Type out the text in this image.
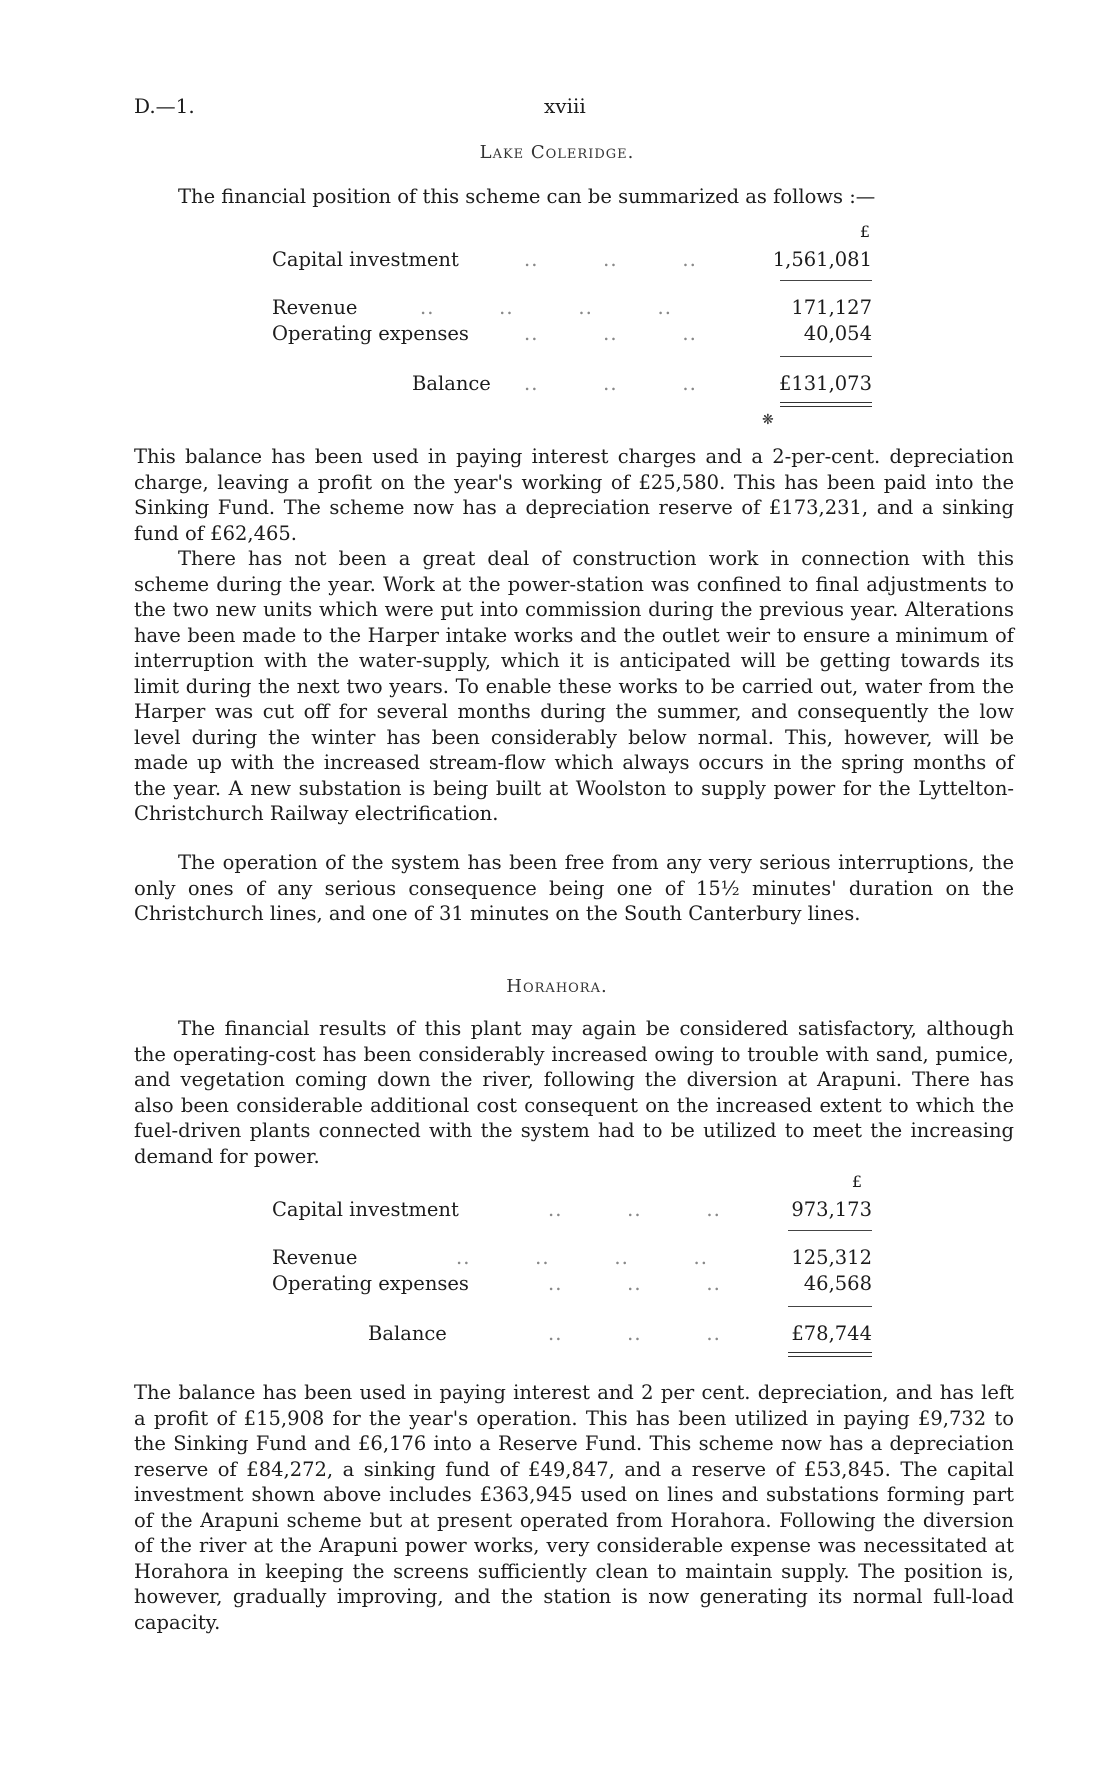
D.—1.	xviii
Lake Coleridge.

The financial position of this scheme can be summarized as follows :—

£
Capital investment	..         ..         ..	1,561,081
Revenue	..         ..         ..         ..	171,127
Operating expenses	..         ..         ..	40,054
Balance ..         ..         ..	£131,073
❋

This balance has been used in paying interest charges and a 2-per-cent. depreciation charge, leaving a profit on the year's working of £25,580. This has been paid into the Sinking Fund. The scheme now has a depreciation reserve of £173,231, and a sinking fund of £62,465.

There has not been a great deal of construction work in connection with this scheme during the year. Work at the power-station was confined to final adjustments to the two new units which were put into commission during the previous year. Alterations have been made to the Harper intake works and the outlet weir to ensure a minimum of interruption with the water-supply, which it is anticipated will be getting towards its limit during the next two years. To enable these works to be carried out, water from the Harper was cut off for several months during the summer, and consequently the low level during the winter has been considerably below normal. This, however, will be made up with the increased stream-flow which always occurs in the spring months of the year. A new substation is being built at Woolston to supply power for the Lyttelton-Christchurch Railway electrification.

The operation of the system has been free from any very serious interruptions, the only ones of any serious consequence being one of 15½ minutes' duration on the Christchurch lines, and one of 31 minutes on the South Canterbury lines.

Horahora.

The financial results of this plant may again be considered satisfactory, although the operating-cost has been considerably increased owing to trouble with sand, pumice, and vegetation coming down the river, following the diversion at Arapuni. There has also been considerable additional cost consequent on the increased extent to which the fuel-driven plants connected with the system had to be utilized to meet the increasing demand for power.

£
Capital investment	..         ..         ..	973,173
Revenue	..         ..         ..         ..	125,312
Operating expenses	..         ..         ..	46,568
Balance	..         ..         ..	£78,744

The balance has been used in paying interest and 2 per cent. depreciation, and has left a profit of £15,908 for the year's operation. This has been utilized in paying £9,732 to the Sinking Fund and £6,176 into a Reserve Fund. This scheme now has a depreciation reserve of £84,272, a sinking fund of £49,847, and a reserve of £53,845. The capital investment shown above includes £363,945 used on lines and substations forming part of the Arapuni scheme but at present operated from Horahora. Following the diversion of the river at the Arapuni power works, very considerable expense was necessitated at Horahora in keeping the screens sufficiently clean to maintain supply. The position is, however, gradually improving, and the station is now generating its normal full-load capacity.
